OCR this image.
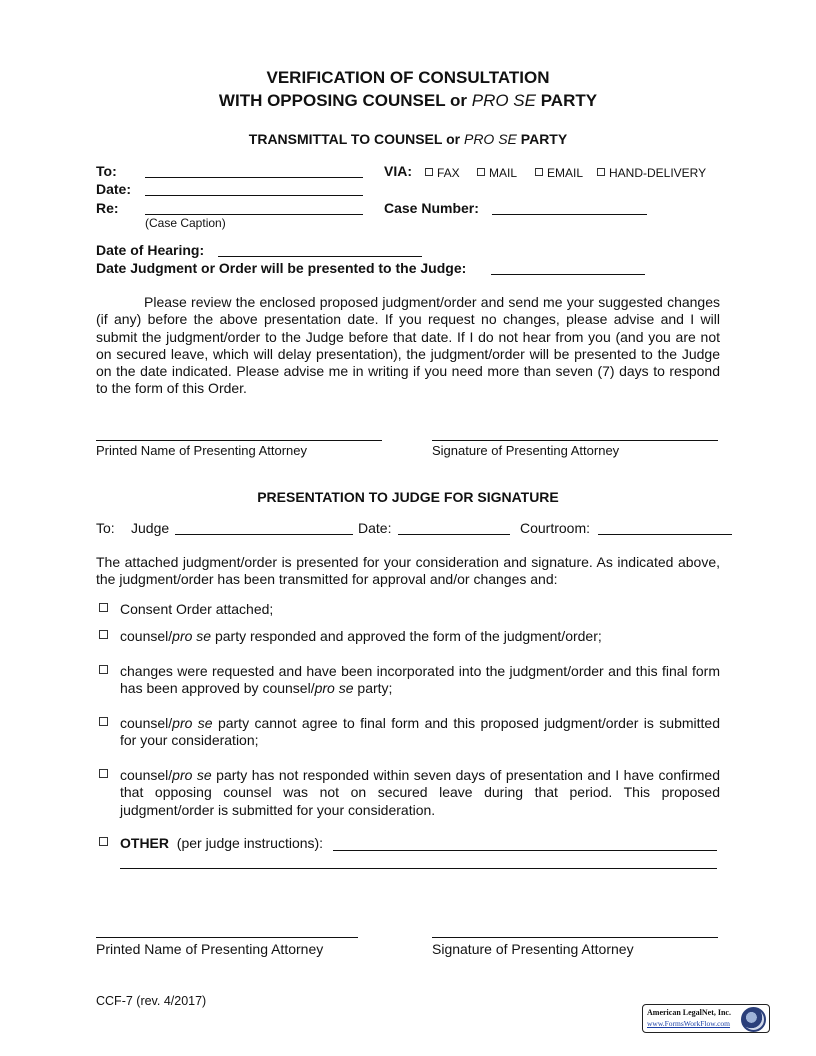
VERIFICATION OF CONSULTATION
WITH OPPOSING COUNSEL or PRO SE PARTY
TRANSMITTAL TO COUNSEL or PRO SE PARTY
To:
Date:
Re:
(Case Caption)
VIA:	FAX	MAIL	EMAIL	HAND-DELIVERY
Case Number:
Date of Hearing:
Date Judgment or Order will be presented to the Judge:
Please review the enclosed proposed judgment/order and send me your suggested changes (if any) before the above presentation date. If you request no changes, please advise and I will submit the judgment/order to the Judge before that date. If I do not hear from you (and you are not on secured leave, which will delay presentation), the judgment/order will be presented to the Judge on the date indicated. Please advise me in writing if you need more than seven (7) days to respond to the form of this Order.
Printed Name of Presenting Attorney	Signature of Presenting Attorney
PRESENTATION TO JUDGE FOR SIGNATURE
To: Judge	Date:	Courtroom:
The attached judgment/order is presented for your consideration and signature. As indicated above, the judgment/order has been transmitted for approval and/or changes and:
Consent Order attached;
counsel/pro se party responded and approved the form of the judgment/order;
changes were requested and have been incorporated into the judgment/order and this final form has been approved by counsel/pro se party;
counsel/pro se party cannot agree to final form and this proposed judgment/order is submitted for your consideration;
counsel/pro se party has not responded within seven days of presentation and I have confirmed that opposing counsel was not on secured leave during that period. This proposed judgment/order is submitted for your consideration.
OTHER (per judge instructions):
Printed Name of Presenting Attorney	Signature of Presenting Attorney
CCF-7 (rev. 4/2017)
American LegalNet, Inc.
www.FormsWorkFlow.com
